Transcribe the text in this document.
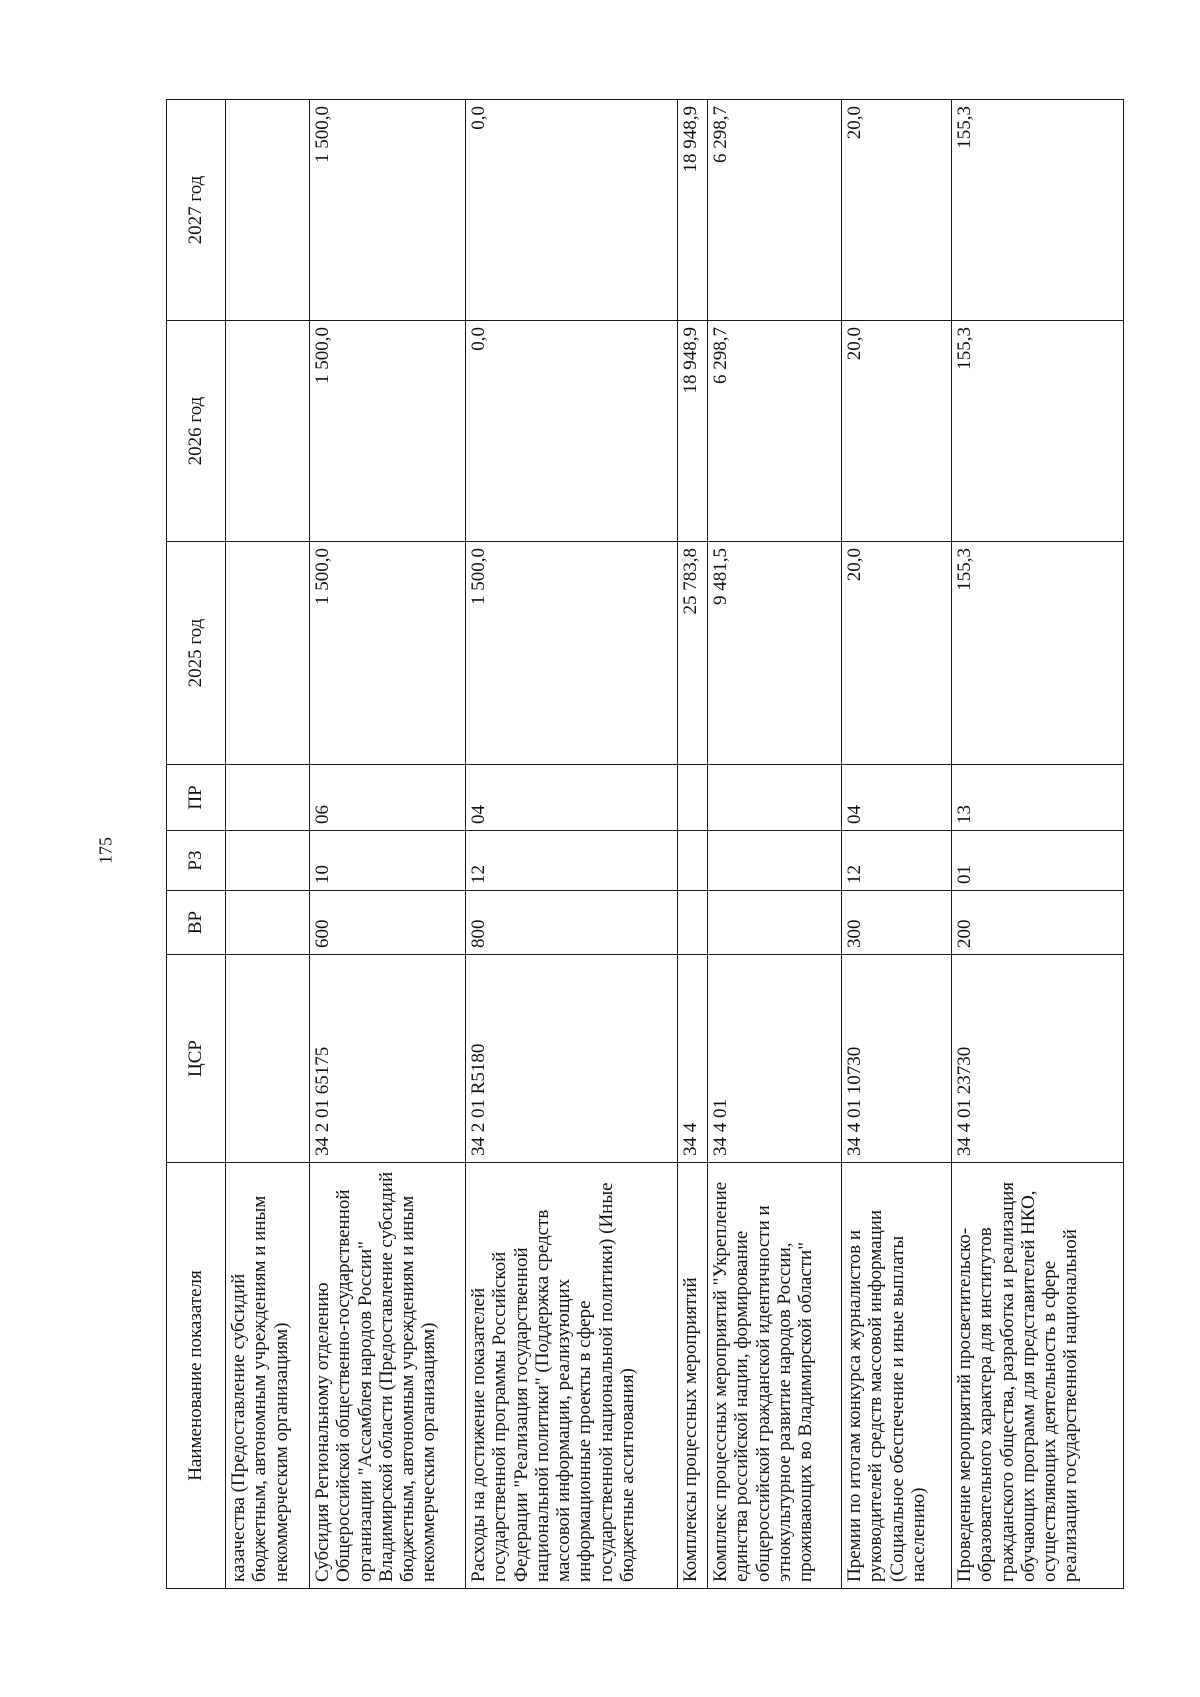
175
Наименование показателя	ЦСР	ВР	РЗ	ПР	2025 год	2026 год	2027 год
казачества (Предоставление субсидий бюджетным, автономным учреждениям и иным некоммерческим организациям)							
Субсидия Региональному отделению Общероссийской общественно-государственной организации "Ассамблея народов России" Владимирской области (Предоставление субсидий бюджетным, автономным учреждениям и иным некоммерческим организациям)	34 2 01 65175	600	10	06	1 500,0	1 500,0	1 500,0
Расходы на достижение показателей государственной программы Российской Федерации "Реализация государственной национальной политики" (Поддержка средств массовой информации, реализующих информационные проекты в сфере государственной национальной политики) (Иные бюджетные ассигнования)	34 2 01 R5180	800	12	04	1 500,0	0,0	0,0
Комплексы процессных мероприятий	34 4				25 783,8	18 948,9	18 948,9
Комплекс процессных мероприятий "Укрепление единства российской нации, формирование общероссийской гражданской идентичности и этнокультурное развитие народов России, проживающих во Владимирской области"	34 4 01				9 481,5	6 298,7	6 298,7
Премии по итогам конкурса журналистов и руководителей средств массовой информации (Социальное обеспечение и иные выплаты населению)	34 4 01 10730	300	12	04	20,0	20,0	20,0
Проведение мероприятий просветительско-образовательного характера для институтов гражданского общества, разработка и реализация обучающих программ для представителей НКО, осуществляющих деятельность в сфере реализации государственной национальной	34 4 01 23730	200	01	13	155,3	155,3	155,3
